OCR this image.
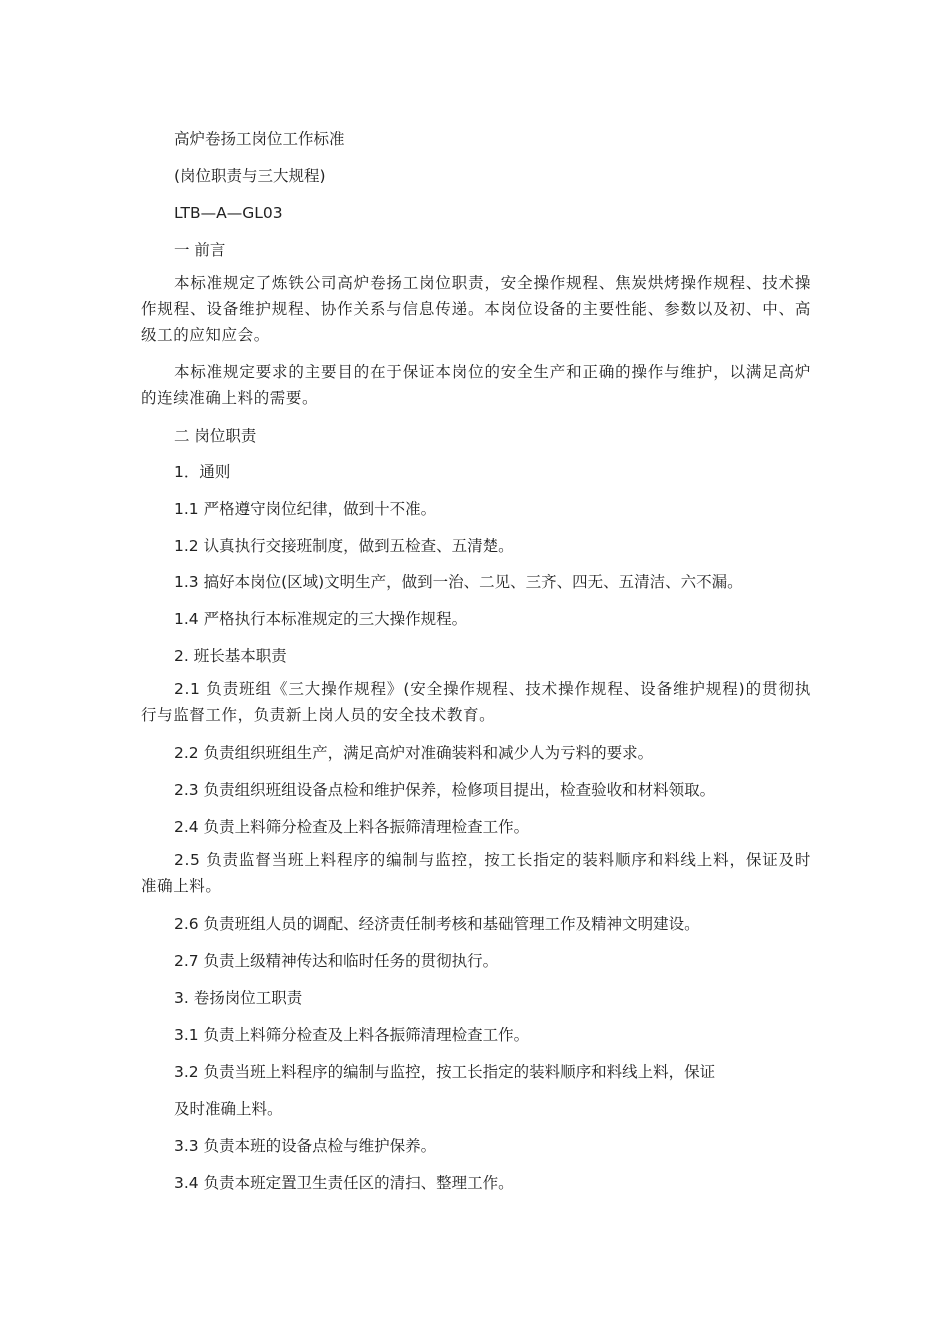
高炉卷扬工岗位工作标准
(岗位职责与三大规程)
LTB—A—GL03
一 前言
本标准规定了炼铁公司高炉卷扬工岗位职责，安全操作规程、焦炭烘烤操作规程、技术操作规程、设备维护规程、协作关系与信息传递。本岗位设备的主要性能、参数以及初、中、高级工的应知应会。
本标准规定要求的主要目的在于保证本岗位的安全生产和正确的操作与维护，以满足高炉的连续准确上料的需要。
二 岗位职责
1．通则
1.1 严格遵守岗位纪律，做到十不准。
1.2 认真执行交接班制度，做到五检查、五清楚。
1.3 搞好本岗位(区域)文明生产，做到一治、二见、三齐、四无、五清洁、六不漏。
1.4 严格执行本标准规定的三大操作规程。
2. 班长基本职责
2.1 负责班组《三大操作规程》(安全操作规程、技术操作规程、设备维护规程)的贯彻执行与监督工作，负责新上岗人员的安全技术教育。
2.2 负责组织班组生产，满足高炉对准确装料和减少人为亏料的要求。
2.3 负责组织班组设备点检和维护保养，检修项目提出，检查验收和材料领取。
2.4 负责上料筛分检查及上料各振筛清理检查工作。
2.5 负责监督当班上料程序的编制与监控，按工长指定的装料顺序和料线上料，保证及时准确上料。
2.6 负责班组人员的调配、经济责任制考核和基础管理工作及精神文明建设。
2.7 负责上级精神传达和临时任务的贯彻执行。
3. 卷扬岗位工职责
3.1 负责上料筛分检查及上料各振筛清理检查工作。
3.2 负责当班上料程序的编制与监控，按工长指定的装料顺序和料线上料，保证
及时准确上料。
3.3 负责本班的设备点检与维护保养。
3.4 负责本班定置卫生责任区的清扫、整理工作。
